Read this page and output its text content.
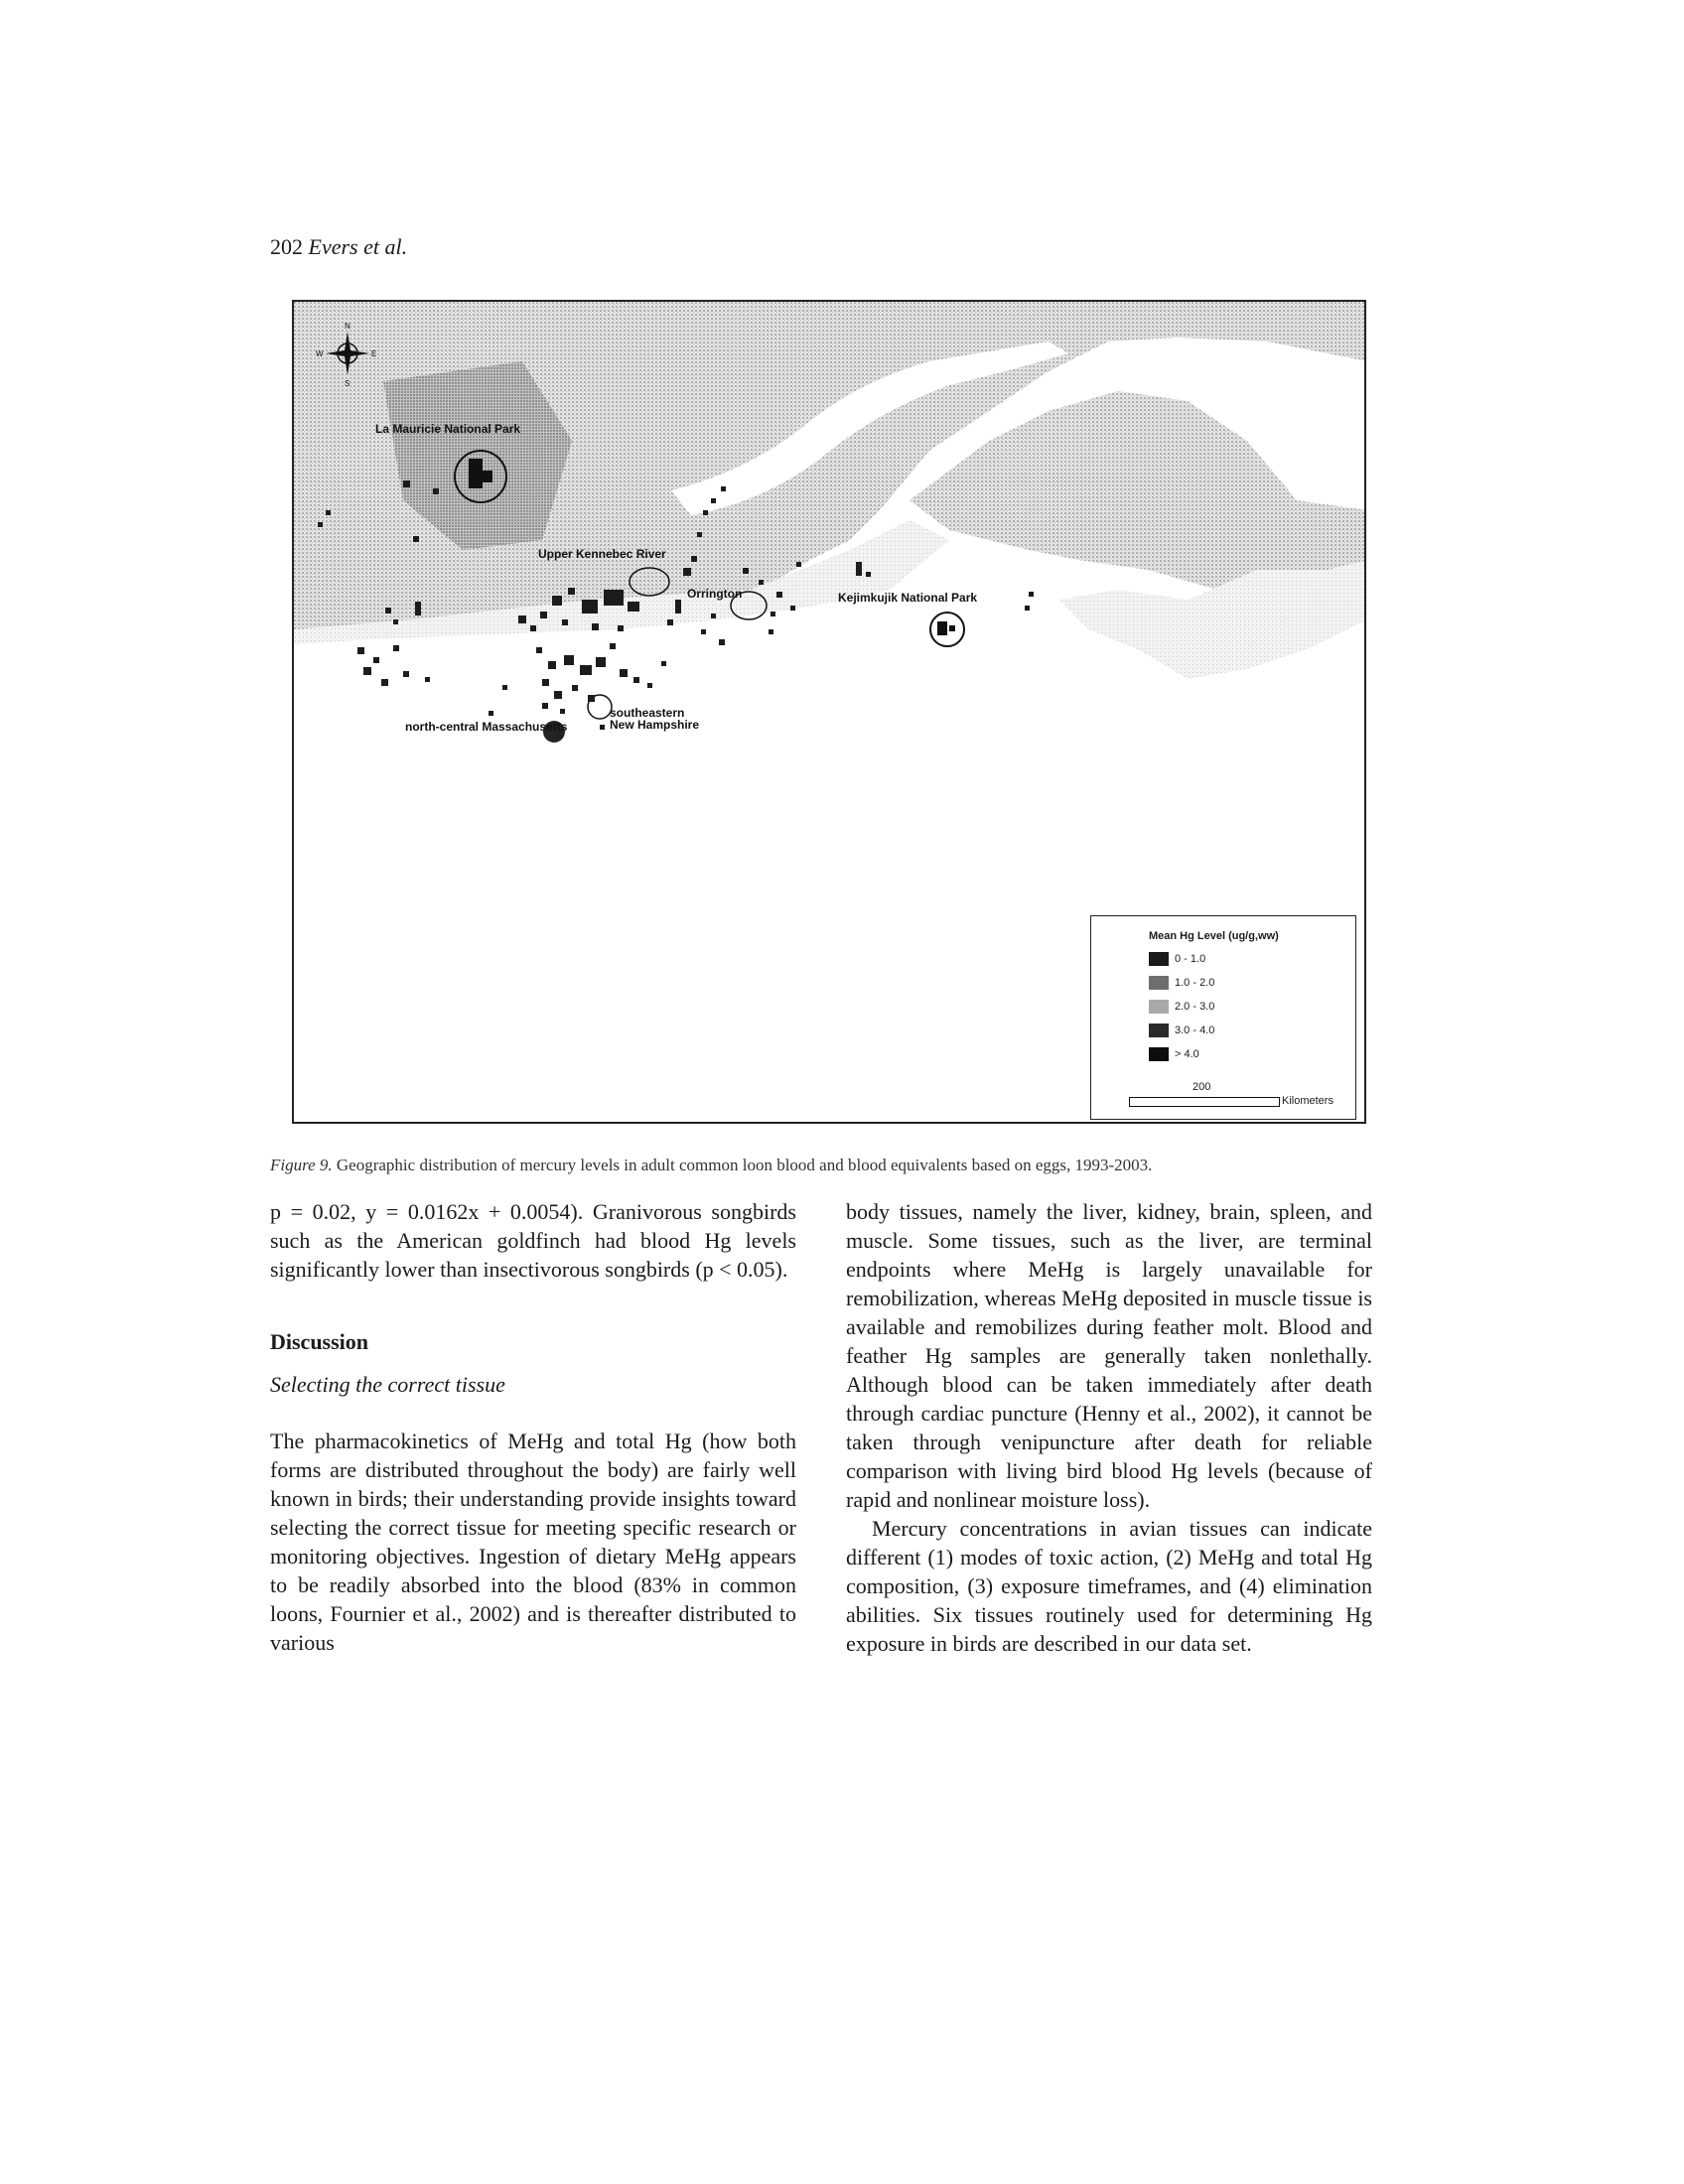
202 Evers et al.
N
S
E
W
La Mauricie National Park
Upper Kennebec River
Orrington	Kejimkujik National Park
southeastern
New Hampshire
north-central Massachusetts
Mean Hg Level (ug/g,ww)
0 - 1.0
1.0 - 2.0
2.0 - 3.0
3.0 - 4.0
> 4.0
200
Kilometers
Figure 9. Geographic distribution of mercury levels in adult common loon blood and blood equivalents based on eggs, 1993-2003.

p = 0.02, y = 0.0162x + 0.0054). Granivorous songbirds such as the American goldfinch had blood Hg levels significantly lower than insectivorous songbirds (p < 0.05).

Discussion

Selecting the correct tissue

The pharmacokinetics of MeHg and total Hg (how both forms are distributed throughout the body) are fairly well known in birds; their understanding provide insights toward selecting the correct tissue for meeting specific research or monitoring objectives. Ingestion of dietary MeHg appears to be readily absorbed into the blood (83% in common loons, Fournier et al., 2002) and is thereafter distributed to various

body tissues, namely the liver, kidney, brain, spleen, and muscle. Some tissues, such as the liver, are terminal endpoints where MeHg is largely unavailable for remobilization, whereas MeHg deposited in muscle tissue is available and remobilizes during feather molt. Blood and feather Hg samples are generally taken nonlethally. Although blood can be taken immediately after death through cardiac puncture (Henny et al., 2002), it cannot be taken through venipuncture after death for reliable comparison with living bird blood Hg levels (because of rapid and nonlinear moisture loss).

Mercury concentrations in avian tissues can indicate different (1) modes of toxic action, (2) MeHg and total Hg composition, (3) exposure timeframes, and (4) elimination abilities. Six tissues routinely used for determining Hg exposure in birds are described in our data set.
